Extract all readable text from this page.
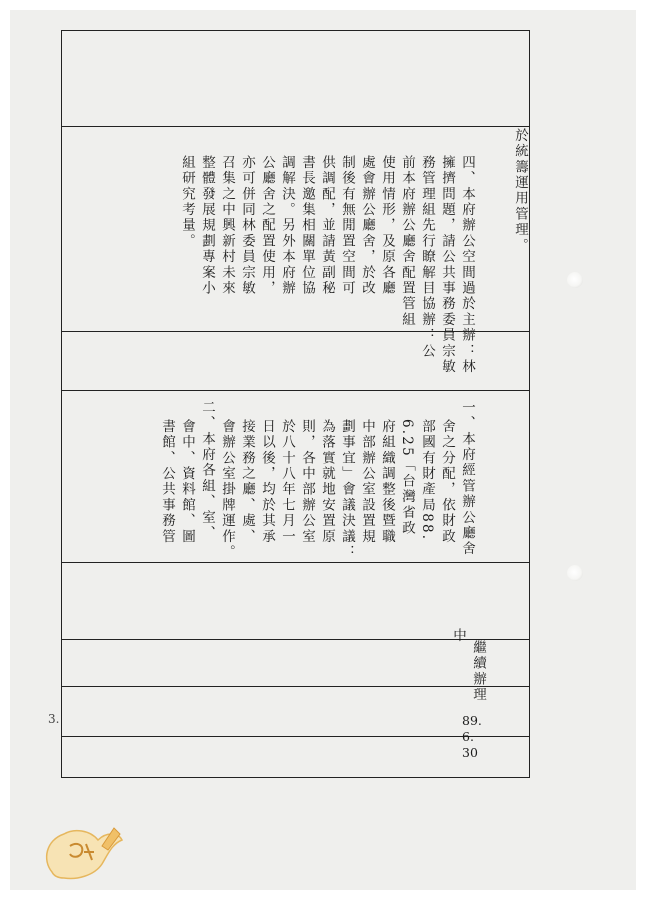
於統籌運用管理。
四、本府辦公空間過於主辦：林
擁擠問題，請公共事務委員宗敏
務管理組先行瞭解目協辦：公
前本府辦公廳舍配置管組
使用情形，及原各廳
處會辦公廳舍，於改
制後有無閒置空間可
供調配，並請黃副秘
書長邀集相關單位協
調解決。另外本府辦
公廳舍之配置使用，
亦可併同林委員宗敏
召集之中興新村未來
整體發展規劃專案小
組研究考量。
一、本府經管辦公廳舍
舍之分配，依財政
部國有財產局88.
6.25「台灣省政
府組織調整後暨職
中部辦公室設置規
劃事宜」會議決議：
為落實就地安置原
則，各中部辦公室
於八十八年七月一
日以後，均於其承
接業務之廳、處、
會辦公室掛牌運作。
二、本府各組、室、
會中、資料館、圖
書館、公共事務管
中
繼續辦理
89.
6.
30
3.
